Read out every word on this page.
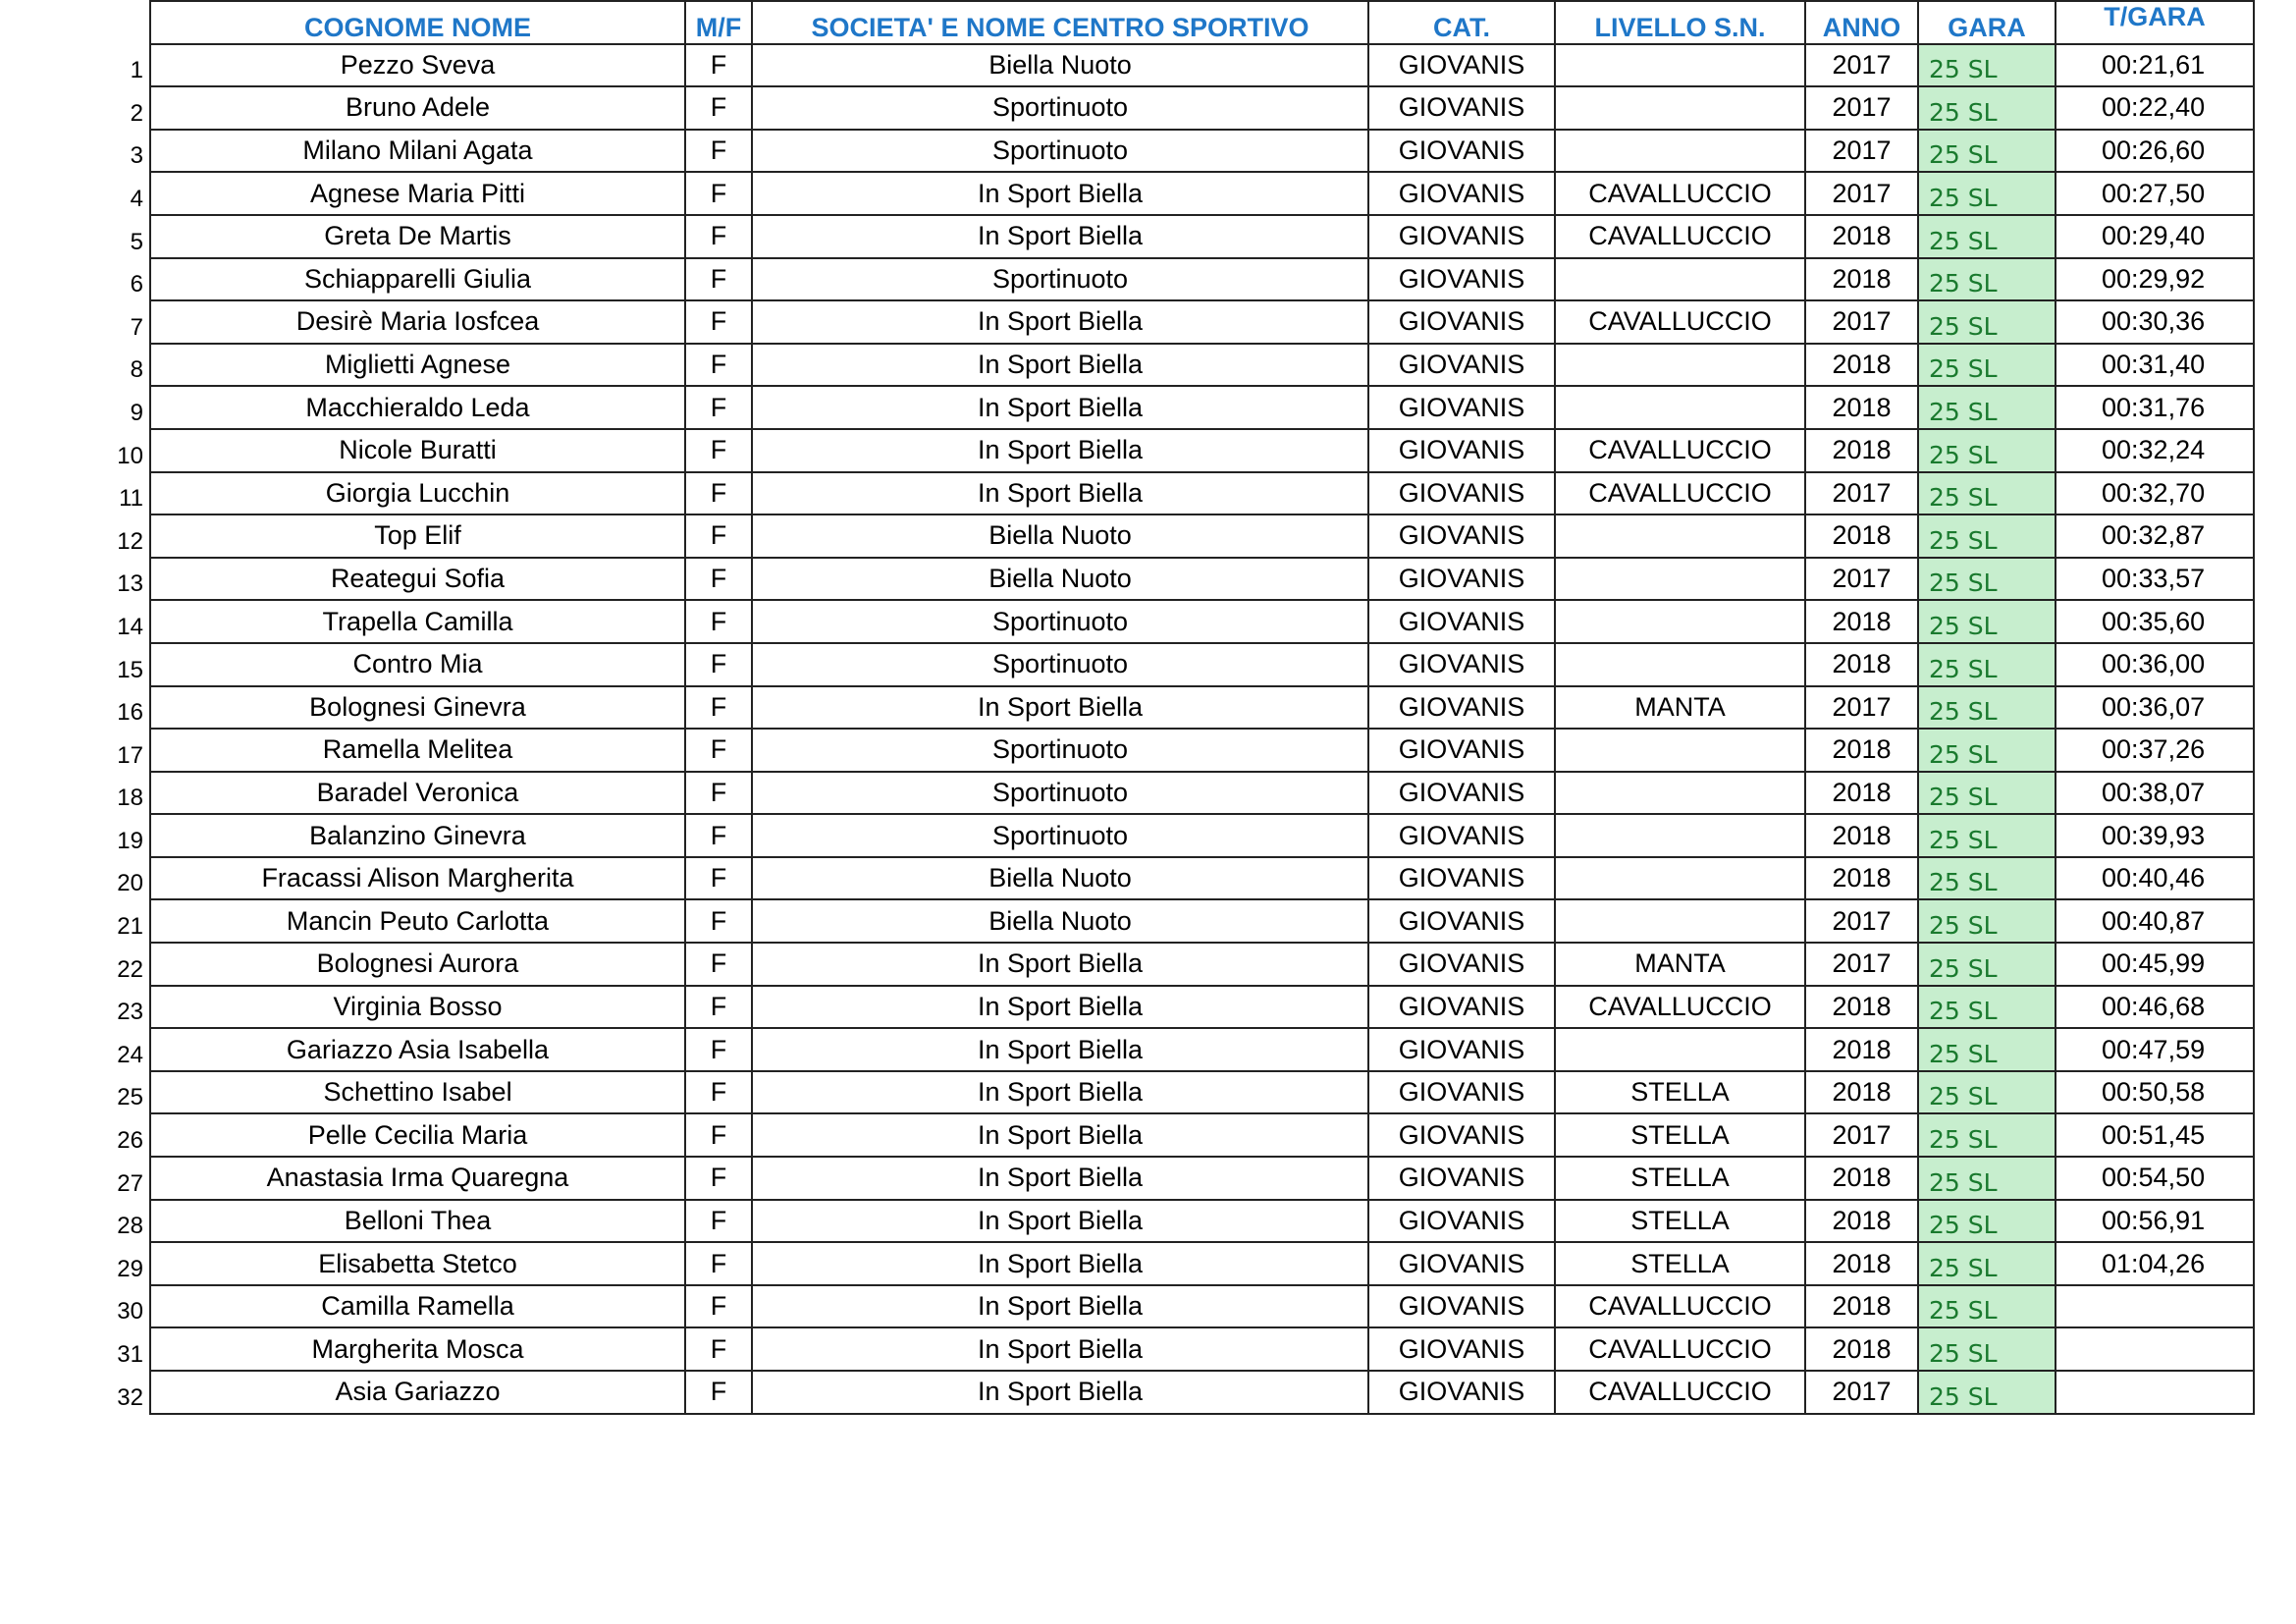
	COGNOME NOME	M/F	SOCIETA' E NOME CENTRO SPORTIVO	CAT.	LIVELLO S.N.	ANNO	GARA	T/GARA
1	Pezzo Sveva	F	Biella Nuoto	GIOVANIS		2017	25 SL	00:21,61
2	Bruno Adele	F	Sportinuoto	GIOVANIS		2017	25 SL	00:22,40
3	Milano Milani Agata	F	Sportinuoto	GIOVANIS		2017	25 SL	00:26,60
4	Agnese Maria Pitti	F	In Sport Biella	GIOVANIS	CAVALLUCCIO	2017	25 SL	00:27,50
5	Greta De Martis	F	In Sport Biella	GIOVANIS	CAVALLUCCIO	2018	25 SL	00:29,40
6	Schiapparelli Giulia	F	Sportinuoto	GIOVANIS		2018	25 SL	00:29,92
7	Desirè Maria Iosfcea	F	In Sport Biella	GIOVANIS	CAVALLUCCIO	2017	25 SL	00:30,36
8	Miglietti Agnese	F	In Sport Biella	GIOVANIS		2018	25 SL	00:31,40
9	Macchieraldo Leda	F	In Sport Biella	GIOVANIS		2018	25 SL	00:31,76
10	Nicole Buratti	F	In Sport Biella	GIOVANIS	CAVALLUCCIO	2018	25 SL	00:32,24
11	Giorgia Lucchin	F	In Sport Biella	GIOVANIS	CAVALLUCCIO	2017	25 SL	00:32,70
12	Top Elif	F	Biella Nuoto	GIOVANIS		2018	25 SL	00:32,87
13	Reategui Sofia	F	Biella Nuoto	GIOVANIS		2017	25 SL	00:33,57
14	Trapella Camilla	F	Sportinuoto	GIOVANIS		2018	25 SL	00:35,60
15	Contro Mia	F	Sportinuoto	GIOVANIS		2018	25 SL	00:36,00
16	Bolognesi Ginevra	F	In Sport Biella	GIOVANIS	MANTA	2017	25 SL	00:36,07
17	Ramella Melitea	F	Sportinuoto	GIOVANIS		2018	25 SL	00:37,26
18	Baradel Veronica	F	Sportinuoto	GIOVANIS		2018	25 SL	00:38,07
19	Balanzino Ginevra	F	Sportinuoto	GIOVANIS		2018	25 SL	00:39,93
20	Fracassi Alison Margherita	F	Biella Nuoto	GIOVANIS		2018	25 SL	00:40,46
21	Mancin Peuto Carlotta	F	Biella Nuoto	GIOVANIS		2017	25 SL	00:40,87
22	Bolognesi Aurora	F	In Sport Biella	GIOVANIS	MANTA	2017	25 SL	00:45,99
23	Virginia Bosso	F	In Sport Biella	GIOVANIS	CAVALLUCCIO	2018	25 SL	00:46,68
24	Gariazzo Asia Isabella	F	In Sport Biella	GIOVANIS		2018	25 SL	00:47,59
25	Schettino Isabel	F	In Sport Biella	GIOVANIS	STELLA	2018	25 SL	00:50,58
26	Pelle Cecilia Maria	F	In Sport Biella	GIOVANIS	STELLA	2017	25 SL	00:51,45
27	Anastasia Irma Quaregna	F	In Sport Biella	GIOVANIS	STELLA	2018	25 SL	00:54,50
28	Belloni Thea	F	In Sport Biella	GIOVANIS	STELLA	2018	25 SL	00:56,91
29	Elisabetta Stetco	F	In Sport Biella	GIOVANIS	STELLA	2018	25 SL	01:04,26
30	Camilla Ramella	F	In Sport Biella	GIOVANIS	CAVALLUCCIO	2018	25 SL	
31	Margherita Mosca	F	In Sport Biella	GIOVANIS	CAVALLUCCIO	2018	25 SL	
32	Asia Gariazzo	F	In Sport Biella	GIOVANIS	CAVALLUCCIO	2017	25 SL	
